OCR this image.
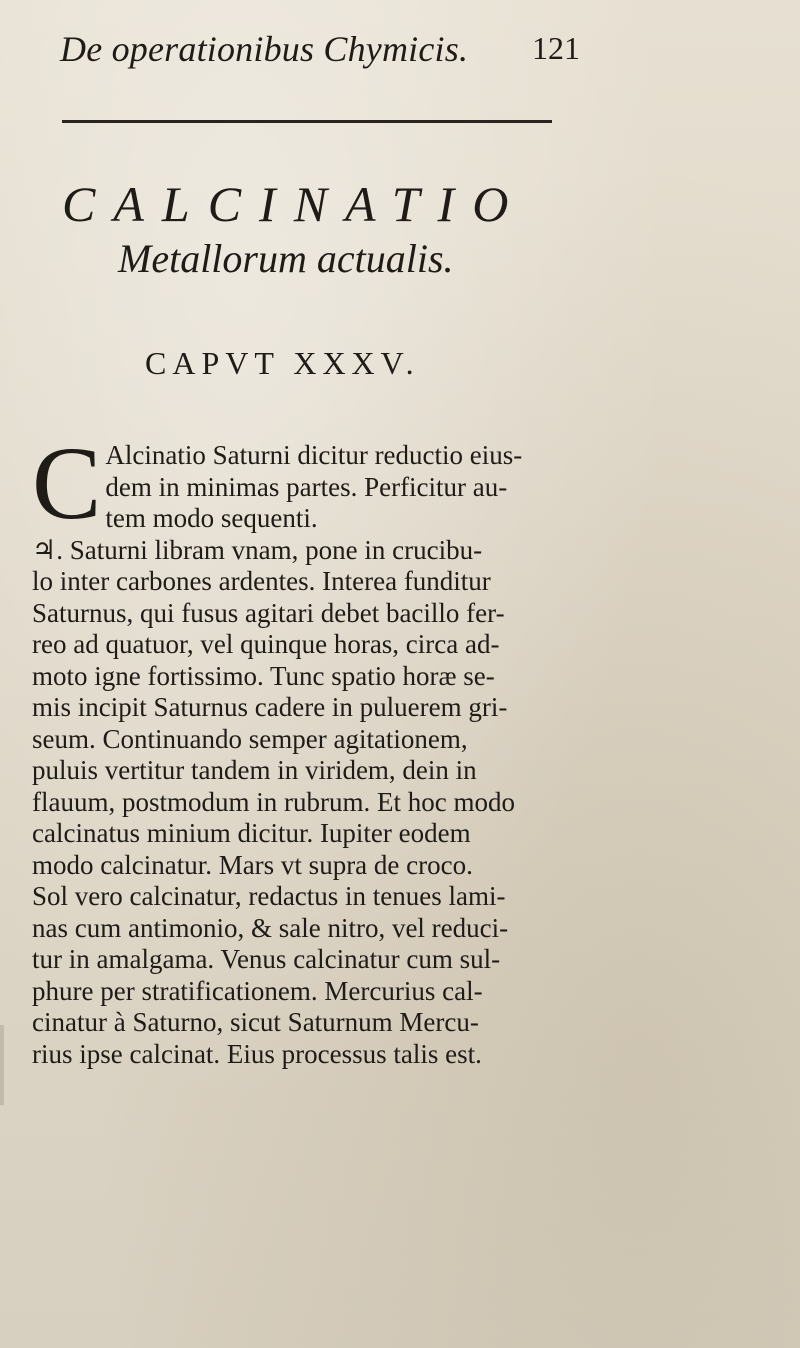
De operationibus Chymicis. 121
CALCINATIO
Metallorum actualis.
CAPVT XXXV.
C Alcinatio Saturni dicitur reductio eius-
dem in minimas partes. Perficitur au-
tem modo sequenti.
♃. Saturni libram vnam, pone in crucibu-
lo inter carbones ardentes. Interea funditur
Saturnus, qui fusus agitari debet bacillo fer-
reo ad quatuor, vel quinque horas, circa ad-
moto igne fortissimo. Tunc spatio horæ se-
mis incipit Saturnus cadere in puluerem gri-
seum. Continuando semper agitationem,
puluis vertitur tandem in viridem, dein in
flauum, postmodum in rubrum. Et hoc modo
calcinatus minium dicitur. Iupiter eodem
modo calcinatur. Mars vt supra de croco.
Sol vero calcinatur, redactus in tenues lami-
nas cum antimonio, & sale nitro, vel reduci-
tur in amalgama. Venus calcinatur cum sul-
phure per stratificationem. Mercurius cal-
cinatur à Saturno, sicut Saturnum Mercu-
rius ipse calcinat. Eius processus talis est.
